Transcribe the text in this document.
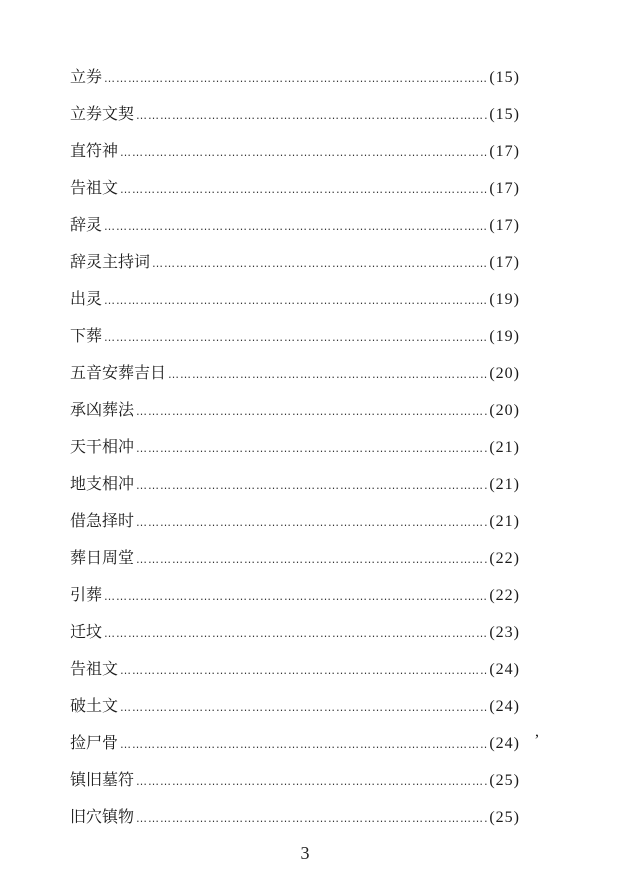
立券 ……………………………………………………………………………………………………………………………………………	(15)
立券文契 ……………………………………………………………………………………………………………………………………………	(15)
直符神 ……………………………………………………………………………………………………………………………………………	(17)
告祖文 ……………………………………………………………………………………………………………………………………………	(17)
辞灵 ……………………………………………………………………………………………………………………………………………	(17)
辞灵主持词 ……………………………………………………………………………………………………………………………………………	(17)
出灵 ……………………………………………………………………………………………………………………………………………	(19)
下葬 ……………………………………………………………………………………………………………………………………………	(19)
五音安葬吉日 ……………………………………………………………………………………………………………………………………………	(20)
承凶葬法 ……………………………………………………………………………………………………………………………………………	(20)
天干相冲 ……………………………………………………………………………………………………………………………………………	(21)
地支相冲 ……………………………………………………………………………………………………………………………………………	(21)
借急择时 ……………………………………………………………………………………………………………………………………………	(21)
葬日周堂 ……………………………………………………………………………………………………………………………………………	(22)
引葬 ……………………………………………………………………………………………………………………………………………	(22)
迁坟 ……………………………………………………………………………………………………………………………………………	(23)
告祖文 ……………………………………………………………………………………………………………………………………………	(24)
破土文 ……………………………………………………………………………………………………………………………………………	(24)
捡尸骨 ……………………………………………………………………………………………………………………………………………	(24)
镇旧墓符 ……………………………………………………………………………………………………………………………………………	(25)
旧穴镇物 ……………………………………………………………………………………………………………………………………………	(25)
,
3
